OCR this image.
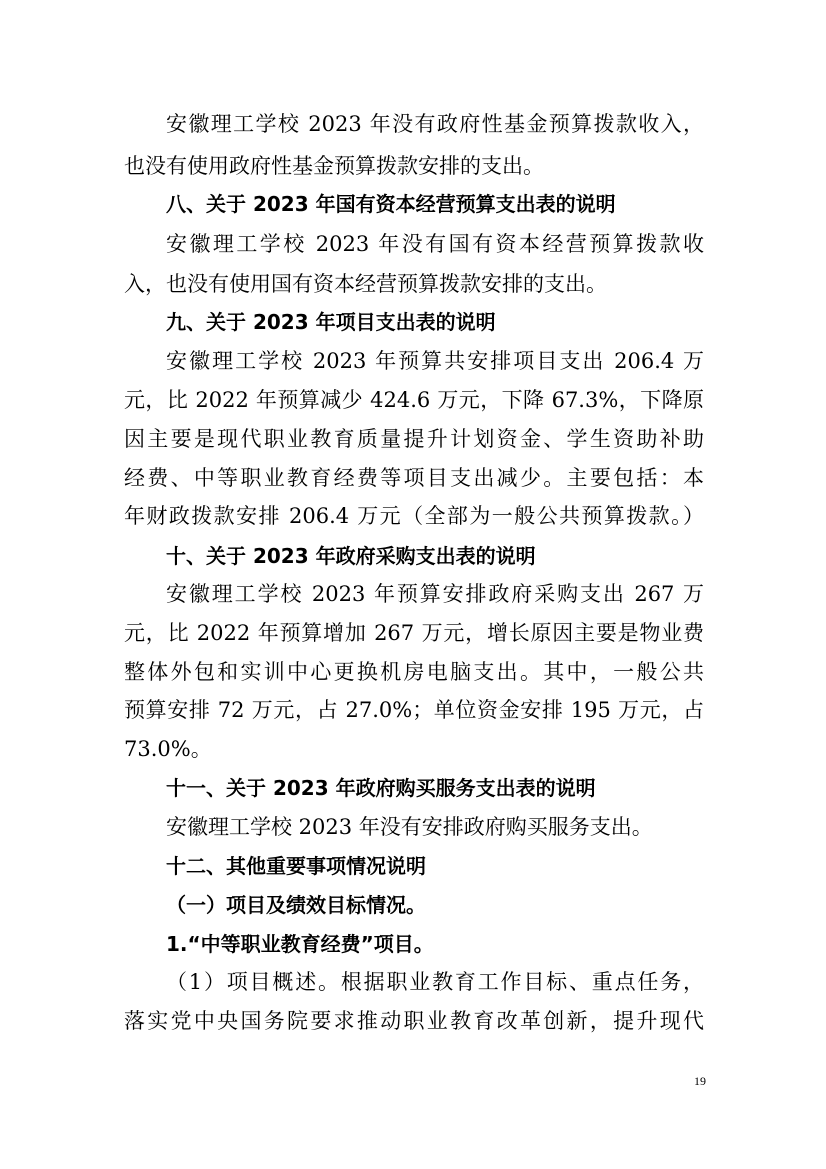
安徽理工学校 2023 年没有政府性基金预算拨款收入，
也没有使用政府性基金预算拨款安排的支出。
八、关于 2023 年国有资本经营预算支出表的说明
安徽理工学校 2023 年没有国有资本经营预算拨款收
入，也没有使用国有资本经营预算拨款安排的支出。
九、关于 2023 年项目支出表的说明
安徽理工学校 2023 年预算共安排项目支出 206.4 万
元，比 2022 年预算减少 424.6 万元，下降 67.3%，下降原
因主要是现代职业教育质量提升计划资金、学生资助补助
经费、中等职业教育经费等项目支出减少。主要包括：本
年财政拨款安排 206.4 万元（全部为一般公共预算拨款。）
十、关于 2023 年政府采购支出表的说明
安徽理工学校 2023 年预算安排政府采购支出 267 万
元，比 2022 年预算增加 267 万元，增长原因主要是物业费
整体外包和实训中心更换机房电脑支出。其中，一般公共
预算安排 72 万元，占 27.0%；单位资金安排 195 万元，占
73.0%。
十一、关于 2023 年政府购买服务支出表的说明
安徽理工学校 2023 年没有安排政府购买服务支出。
十二、其他重要事项情况说明
（一）项目及绩效目标情况。
1.“中等职业教育经费”项目。
（1）项目概述。根据职业教育工作目标、重点任务，
落实党中央国务院要求推动职业教育改革创新，提升现代
19
